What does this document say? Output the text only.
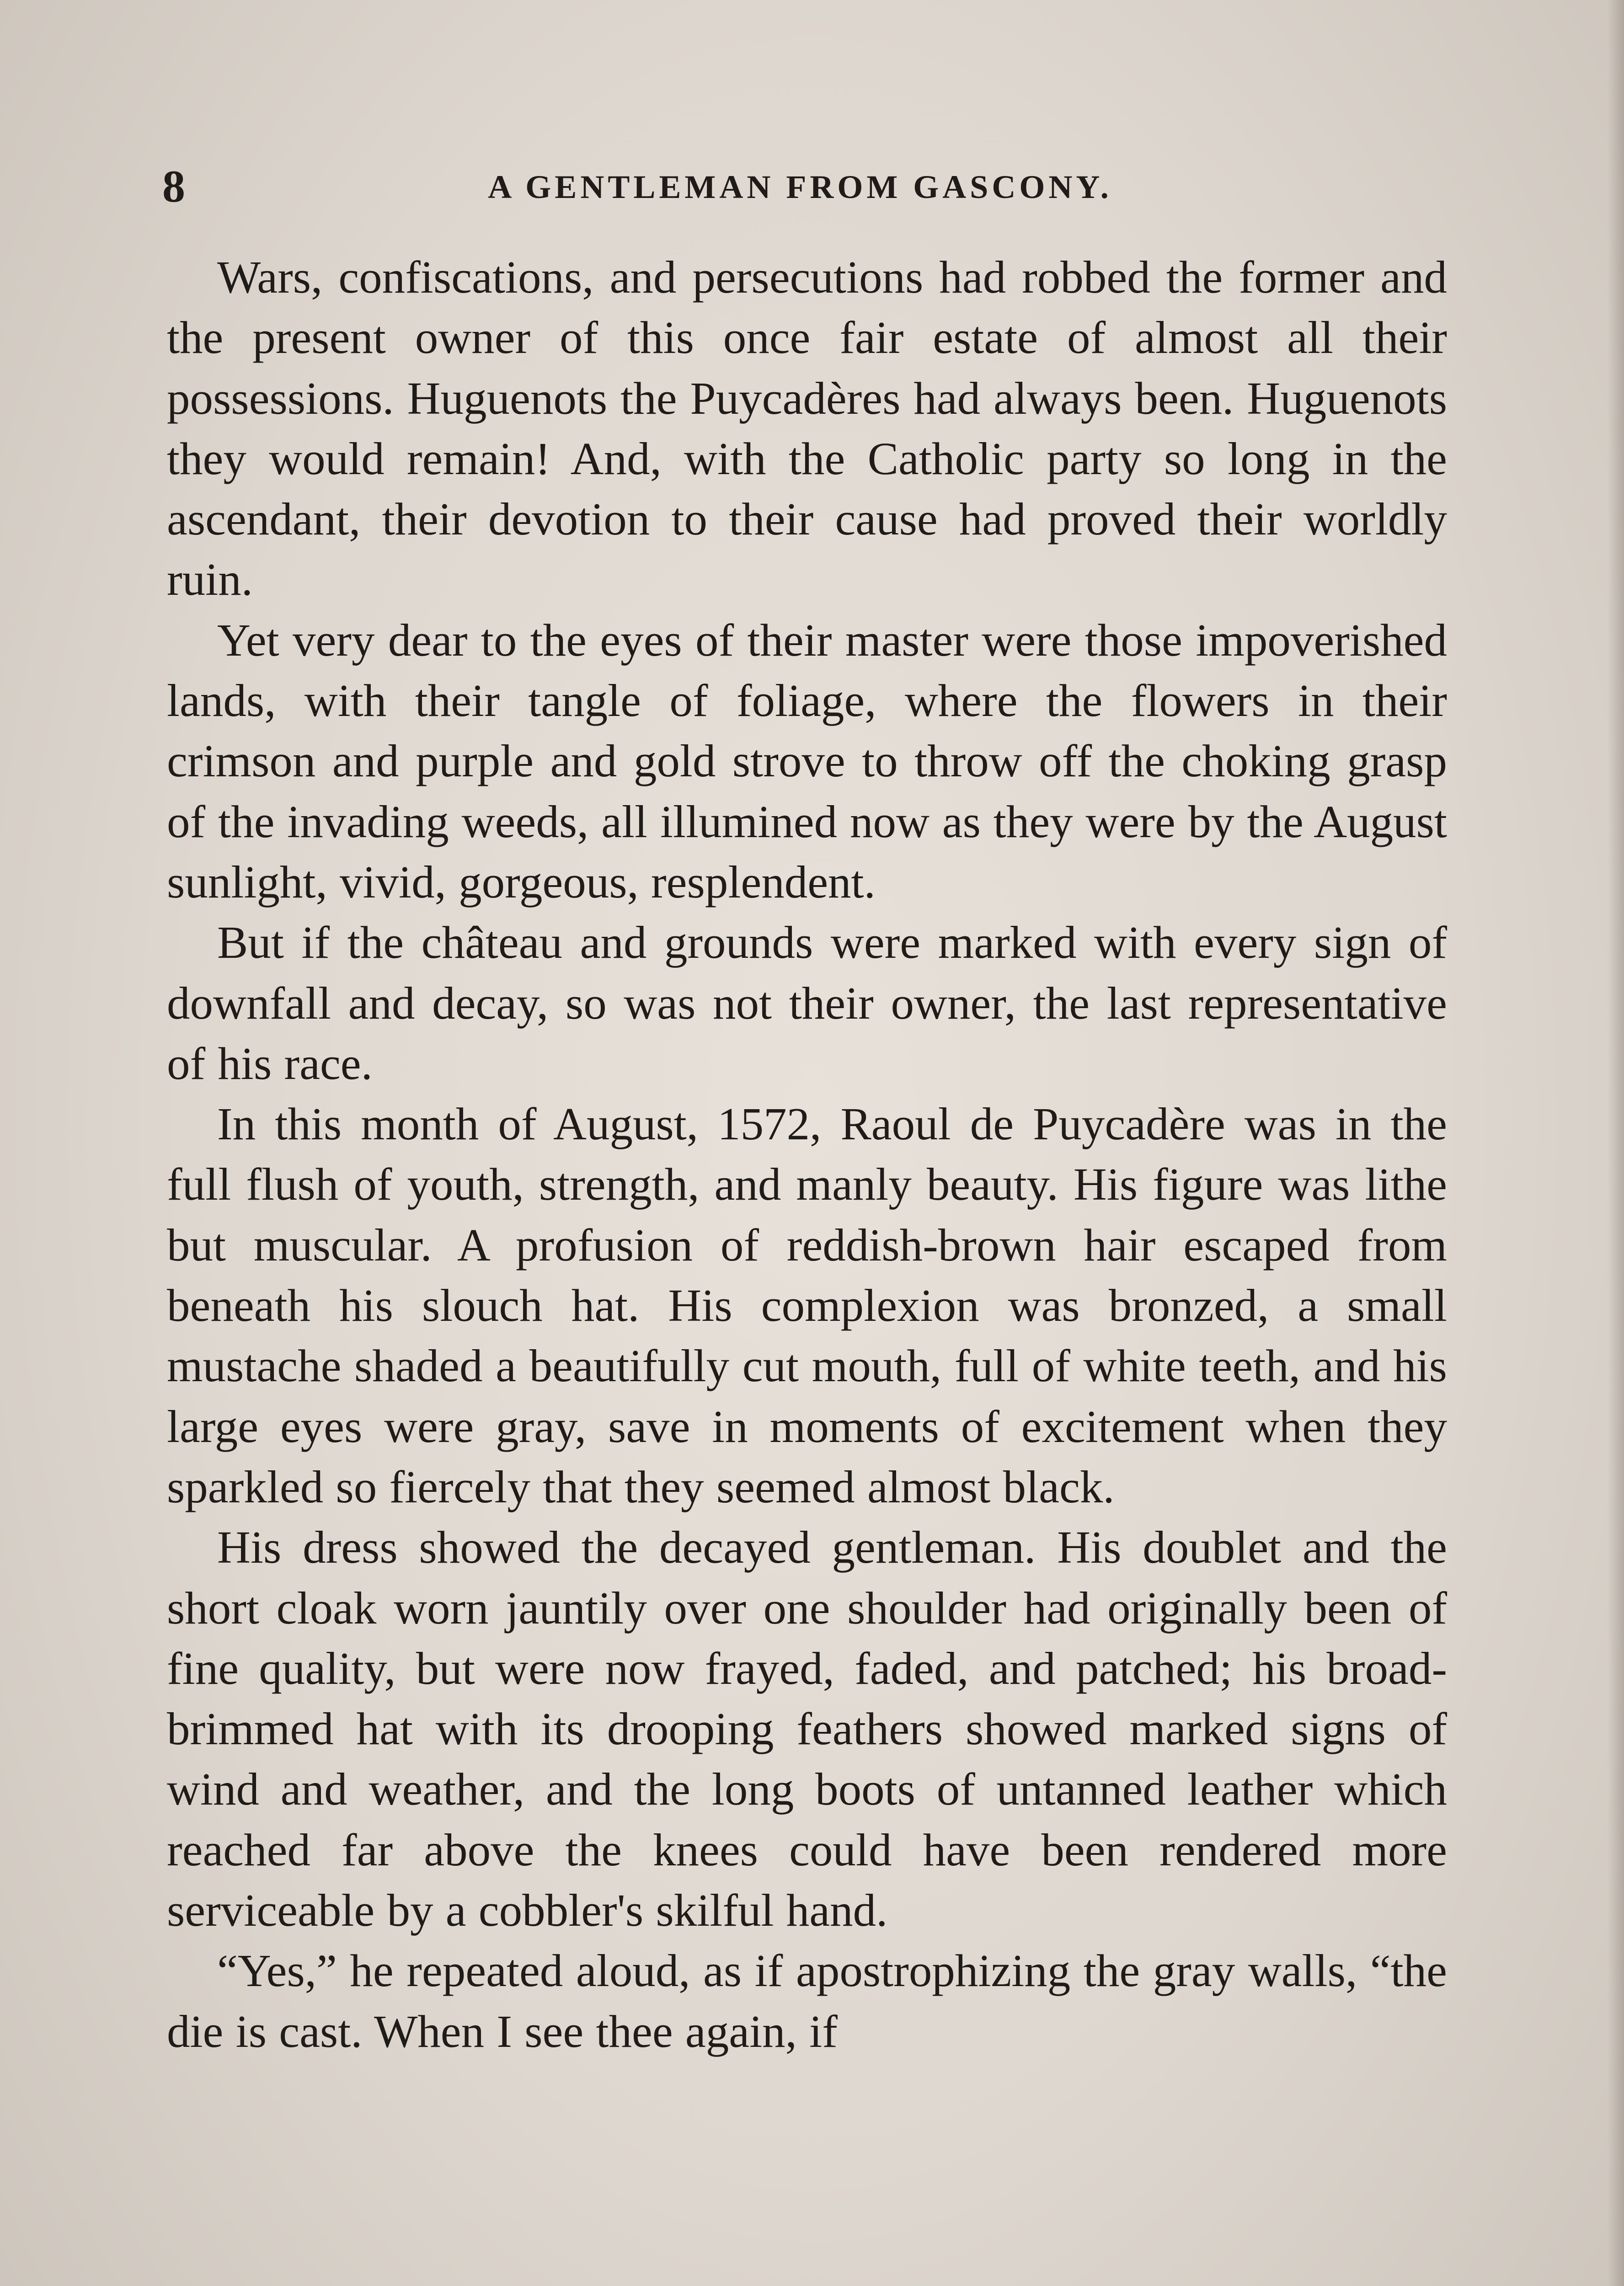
8	A GENTLEMAN FROM GASCONY.

Wars, confiscations, and persecutions had robbed the former and the present owner of this once fair estate of almost all their possessions. Huguenots the Puycadères had always been. Huguenots they would remain! And, with the Catholic party so long in the ascendant, their devotion to their cause had proved their worldly ruin.

Yet very dear to the eyes of their master were those impoverished lands, with their tangle of foliage, where the flowers in their crimson and purple and gold strove to throw off the choking grasp of the invading weeds, all illumined now as they were by the August sunlight, vivid, gorgeous, resplendent.

But if the château and grounds were marked with every sign of downfall and decay, so was not their owner, the last representative of his race.

In this month of August, 1572, Raoul de Puycadère was in the full flush of youth, strength, and manly beauty. His figure was lithe but muscular. A profusion of reddish-brown hair escaped from beneath his slouch hat. His complexion was bronzed, a small mustache shaded a beautifully cut mouth, full of white teeth, and his large eyes were gray, save in moments of excitement when they sparkled so fiercely that they seemed almost black.

His dress showed the decayed gentleman. His doublet and the short cloak worn jauntily over one shoulder had originally been of fine quality, but were now frayed, faded, and patched; his broad-brimmed hat with its drooping feathers showed marked signs of wind and weather, and the long boots of untanned leather which reached far above the knees could have been rendered more serviceable by a cobbler's skilful hand.

“Yes,” he repeated aloud, as if apostrophizing the gray walls, “the die is cast. When I see thee again, if
